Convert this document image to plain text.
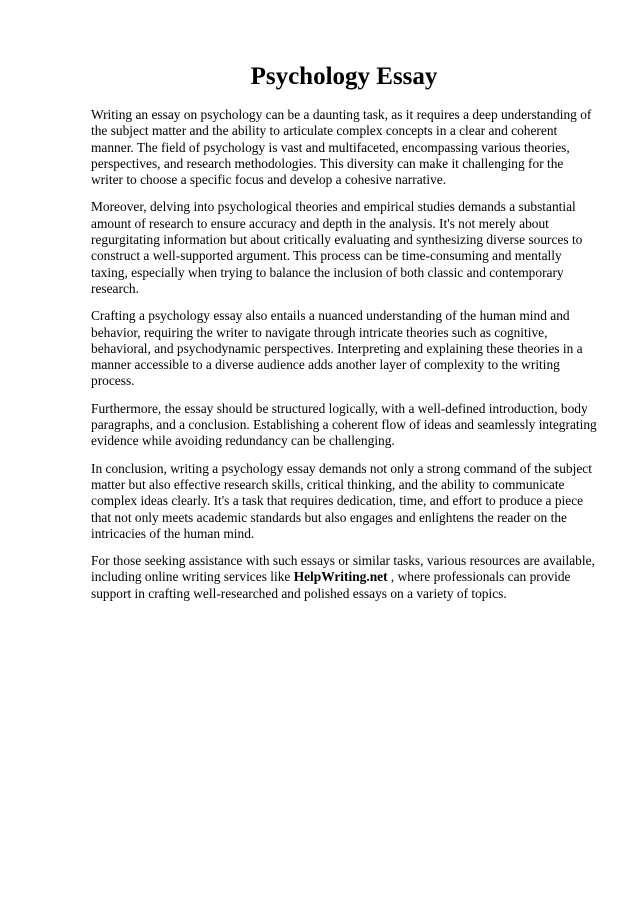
Psychology Essay

Writing an essay on psychology can be a daunting task, as it requires a deep understanding of the subject matter and the ability to articulate complex concepts in a clear and coherent manner. The field of psychology is vast and multifaceted, encompassing various theories, perspectives, and research methodologies. This diversity can make it challenging for the writer to choose a specific focus and develop a cohesive narrative.

Moreover, delving into psychological theories and empirical studies demands a substantial amount of research to ensure accuracy and depth in the analysis. It's not merely about regurgitating information but about critically evaluating and synthesizing diverse sources to construct a well-supported argument. This process can be time-consuming and mentally taxing, especially when trying to balance the inclusion of both classic and contemporary research.

Crafting a psychology essay also entails a nuanced understanding of the human mind and behavior, requiring the writer to navigate through intricate theories such as cognitive, behavioral, and psychodynamic perspectives. Interpreting and explaining these theories in a manner accessible to a diverse audience adds another layer of complexity to the writing process.

Furthermore, the essay should be structured logically, with a well-defined introduction, body paragraphs, and a conclusion. Establishing a coherent flow of ideas and seamlessly integrating evidence while avoiding redundancy can be challenging.

In conclusion, writing a psychology essay demands not only a strong command of the subject matter but also effective research skills, critical thinking, and the ability to communicate complex ideas clearly. It's a task that requires dedication, time, and effort to produce a piece that not only meets academic standards but also engages and enlightens the reader on the intricacies of the human mind.

For those seeking assistance with such essays or similar tasks, various resources are available, including online writing services like HelpWriting.net , where professionals can provide support in crafting well-researched and polished essays on a variety of topics.
